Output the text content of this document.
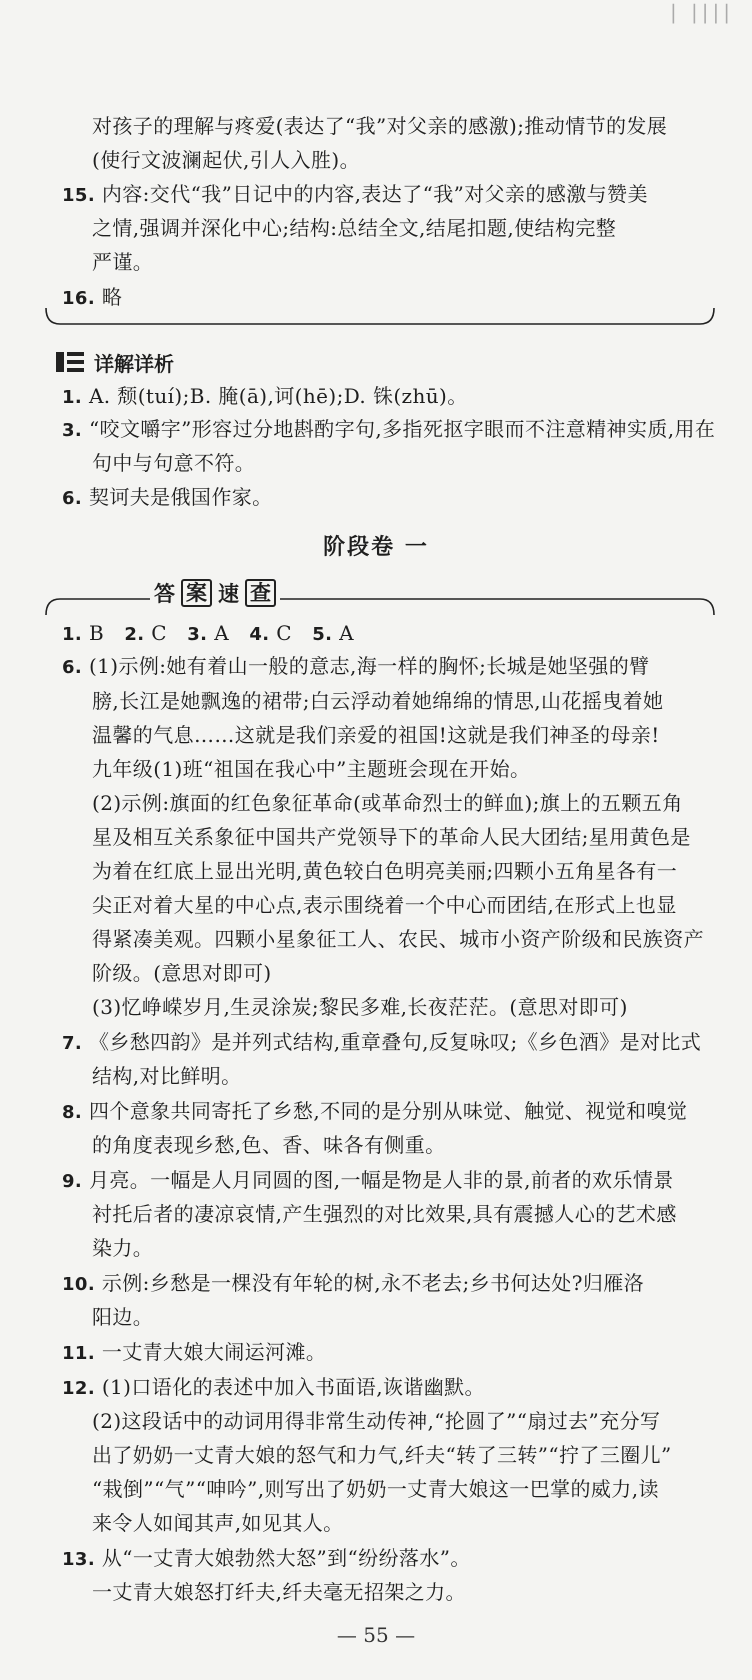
| ||||
对孩子的理解与疼爱(表达了“我”对父亲的感激);推动情节的发展
(使行文波澜起伏,引人入胜)。
15. 内容:交代“我”日记中的内容,表达了“我”对父亲的感激与赞美
之情,强调并深化中心;结构:总结全文,结尾扣题,使结构完整
严谨。
16. 略
详解详析
1. A. 颓(tuí);B. 腌(ā),诃(hē);D. 铢(zhū)。
3. “咬文嚼字”形容过分地斟酌字句,多指死抠字眼而不注意精神实质,用在
句中与句意不符。
6. 契诃夫是俄国作家。
阶段卷 一
答 案 速 查
1. B 2. C 3. A 4. C 5. A
6. (1)示例:她有着山一般的意志,海一样的胸怀;长城是她坚强的臂
膀,长江是她飘逸的裙带;白云浮动着她绵绵的情思,山花摇曳着她
温馨的气息……这就是我们亲爱的祖国!这就是我们神圣的母亲!
九年级(1)班“祖国在我心中”主题班会现在开始。
(2)示例:旗面的红色象征革命(或革命烈士的鲜血);旗上的五颗五角
星及相互关系象征中国共产党领导下的革命人民大团结;星用黄色是
为着在红底上显出光明,黄色较白色明亮美丽;四颗小五角星各有一
尖正对着大星的中心点,表示围绕着一个中心而团结,在形式上也显
得紧凑美观。四颗小星象征工人、农民、城市小资产阶级和民族资产
阶级。(意思对即可)
(3)忆峥嵘岁月,生灵涂炭;黎民多难,长夜茫茫。(意思对即可)
7. 《乡愁四韵》是并列式结构,重章叠句,反复咏叹;《乡色酒》是对比式
结构,对比鲜明。
8. 四个意象共同寄托了乡愁,不同的是分别从味觉、触觉、视觉和嗅觉
的角度表现乡愁,色、香、味各有侧重。
9. 月亮。一幅是人月同圆的图,一幅是物是人非的景,前者的欢乐情景
衬托后者的凄凉哀情,产生强烈的对比效果,具有震撼人心的艺术感
染力。
10. 示例:乡愁是一棵没有年轮的树,永不老去;乡书何达处?归雁洛
阳边。
11. 一丈青大娘大闹运河滩。
12. (1)口语化的表述中加入书面语,诙谐幽默。
(2)这段话中的动词用得非常生动传神,“抡圆了”“扇过去”充分写
出了奶奶一丈青大娘的怒气和力气,纤夫“转了三转”“拧了三圈儿”
“栽倒”“气”“呻吟”,则写出了奶奶一丈青大娘这一巴掌的威力,读
来令人如闻其声,如见其人。
13. 从“一丈青大娘勃然大怒”到“纷纷落水”。
一丈青大娘怒打纤夫,纤夫毫无招架之力。
— 55 —
